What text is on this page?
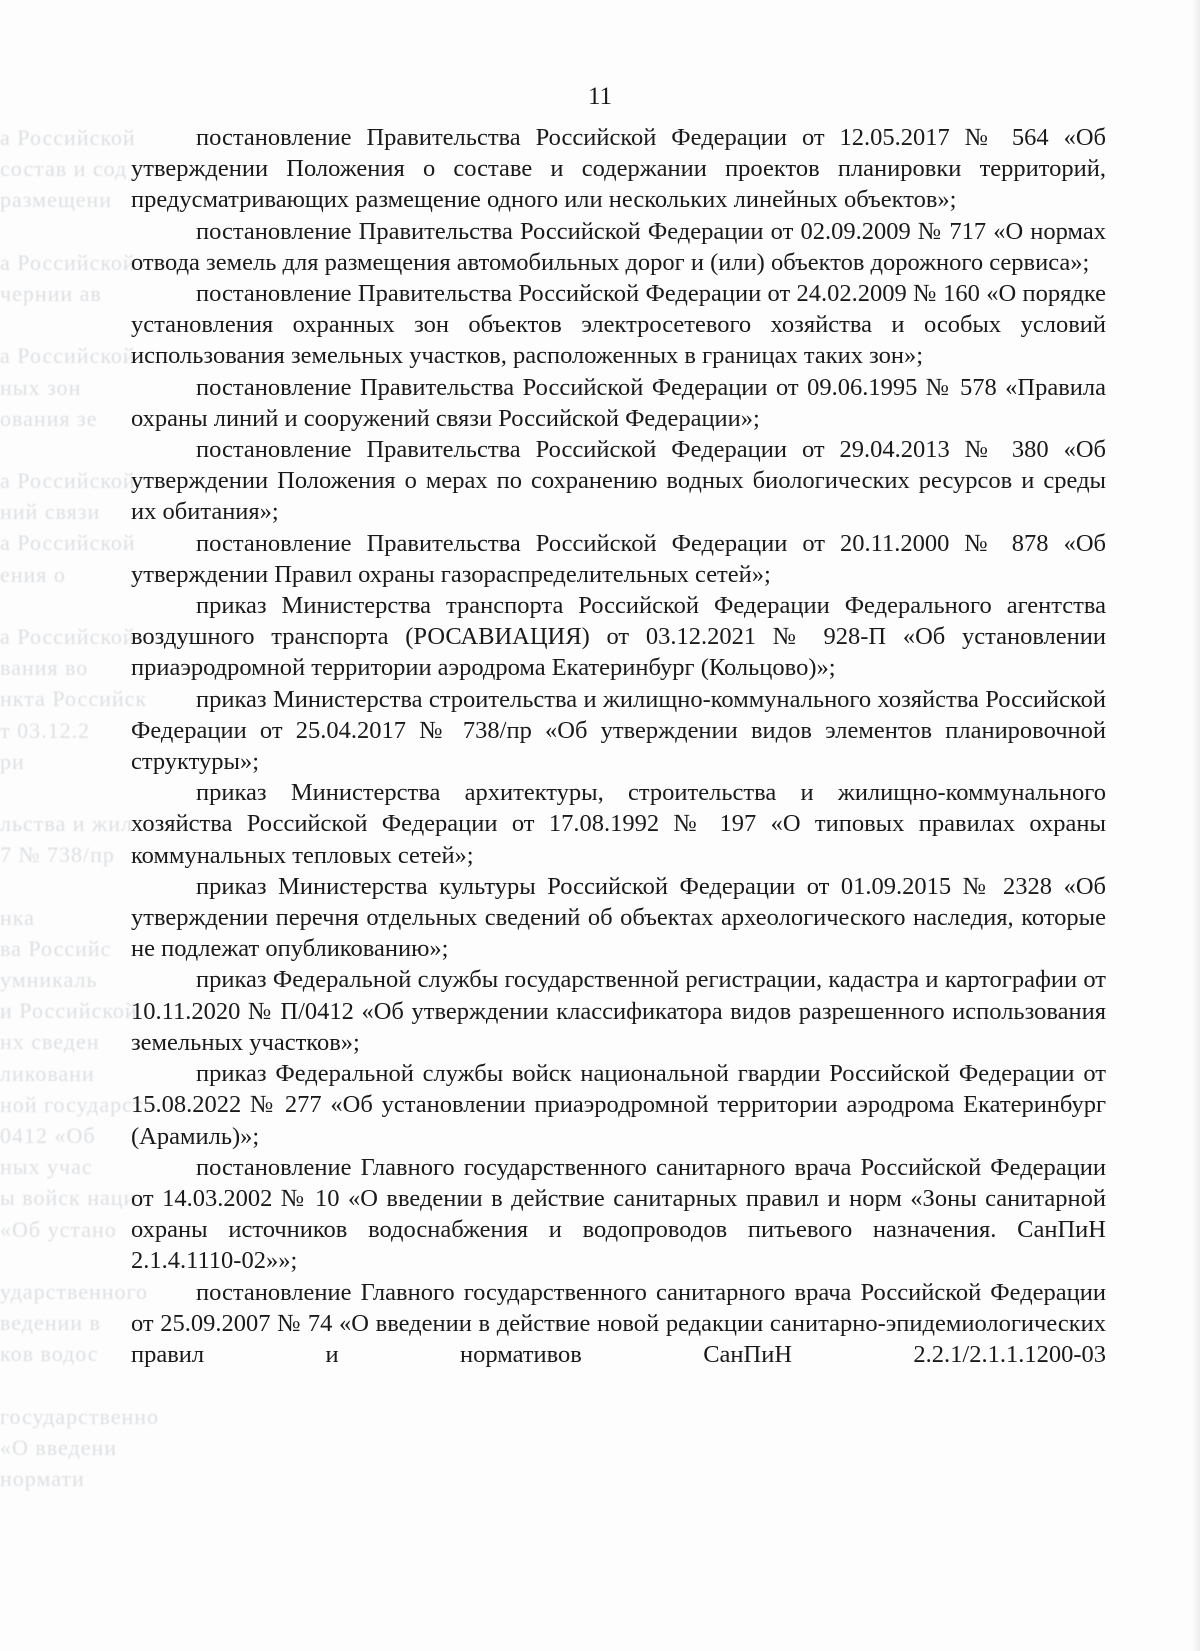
а Российской
состав и сод
размещени
а Российской
чернии ав
а Российской
ных зон
ования зе
а Российской
ний связи
а Российской
ения о
а Российской
вания во
нкта Российск
т 03.12.2
ри
льства и жил
7 № 738/пр
нка
ва Российс
умникаль
и Российской
нх сведен
ликовани
ной государст
0412 «Об
ных учас
ы войск наци
«Об устано
ударственного
ведении в
ков водос
государственно
«О введени
нормати
11

постановление Правительства Российской Федерации от 12.05.2017 № 564 «Об утверждении Положения о составе и содержании проектов планировки территорий, предусматривающих размещение одного или нескольких линейных объектов»;

постановление Правительства Российской Федерации от 02.09.2009 № 717 «О нормах отвода земель для размещения автомобильных дорог и (или) объектов дорожного сервиса»;

постановление Правительства Российской Федерации от 24.02.2009 № 160 «О порядке установления охранных зон объектов электросетевого хозяйства и особых условий использования земельных участков, расположенных в границах таких зон»;

постановление Правительства Российской Федерации от 09.06.1995 № 578 «Правила охраны линий и сооружений связи Российской Федерации»;

постановление Правительства Российской Федерации от 29.04.2013 № 380 «Об утверждении Положения о мерах по сохранению водных биологических ресурсов и среды их обитания»;

постановление Правительства Российской Федерации от 20.11.2000 № 878 «Об утверждении Правил охраны газораспределительных сетей»;

приказ Министерства транспорта Российской Федерации Федерального агентства воздушного транспорта (РОСАВИАЦИЯ) от 03.12.2021 № 928-П «Об установлении приаэродромной территории аэродрома Екатеринбург (Кольцово)»;

приказ Министерства строительства и жилищно-коммунального хозяйства Российской Федерации от 25.04.2017 № 738/пр «Об утверждении видов элементов планировочной структуры»;

приказ Министерства архитектуры, строительства и жилищно-коммунального хозяйства Российской Федерации от 17.08.1992 № 197 «О типовых правилах охраны коммунальных тепловых сетей»;

приказ Министерства культуры Российской Федерации от 01.09.2015 № 2328 «Об утверждении перечня отдельных сведений об объектах археологического наследия, которые не подлежат опубликованию»;

приказ Федеральной службы государственной регистрации, кадастра и картографии от 10.11.2020 № П/0412 «Об утверждении классификатора видов разрешенного использования земельных участков»;

приказ Федеральной службы войск национальной гвардии Российской Федерации от 15.08.2022 № 277 «Об установлении приаэродромной территории аэродрома Екатеринбург (Арамиль)»;

постановление Главного государственного санитарного врача Российской Федерации от 14.03.2002 № 10 «О введении в действие санитарных правил и норм «Зоны санитарной охраны источников водоснабжения и водопроводов питьевого назначения. СанПиН 2.1.4.1110-02»»;

постановление Главного государственного санитарного врача Российской Федерации от 25.09.2007 № 74 «О введении в действие новой редакции санитарно-эпидемиологических правил и нормативов СанПиН 2.2.1/2.1.1.1200-03
